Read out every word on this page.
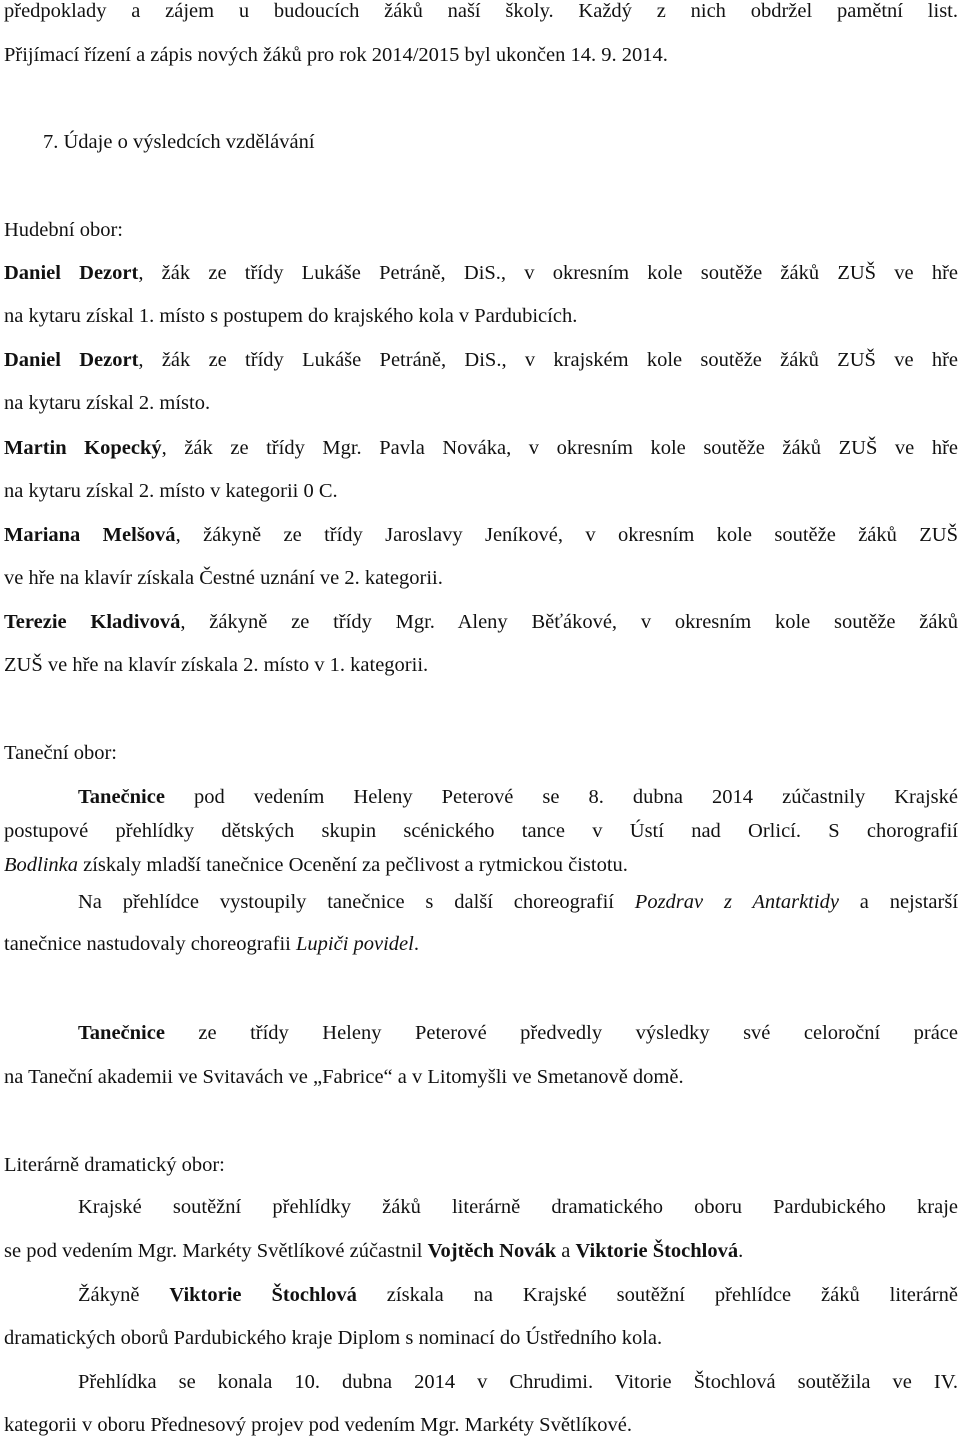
předpoklady a zájem u budoucích žáků naší školy. Každý z nich obdržel pamětní list.
Přijímací řízení a zápis nových žáků pro rok 2014/2015 byl ukončen 14. 9. 2014.
7. Údaje o výsledcích vzdělávání
Hudební obor:
Daniel Dezort, žák ze třídy Lukáše Petráně, DiS., v okresním kole soutěže žáků ZUŠ ve hře
na kytaru získal 1. místo s postupem do krajského kola v Pardubicích.
Daniel Dezort, žák ze třídy Lukáše Petráně, DiS., v krajském kole soutěže žáků ZUŠ ve hře
na kytaru získal 2. místo.
Martin Kopecký, žák ze třídy Mgr. Pavla Nováka, v okresním kole soutěže žáků ZUŠ ve hře
na kytaru získal 2. místo v kategorii 0 C.
Mariana Melšová, žákyně ze třídy Jaroslavy Jeníkové, v okresním kole soutěže žáků ZUŠ
ve hře na klavír získala Čestné uznání ve 2. kategorii.
Terezie Kladivová, žákyně ze třídy Mgr. Aleny Běťákové, v okresním kole soutěže žáků
ZUŠ ve hře na klavír získala 2. místo v 1. kategorii.
Taneční obor:
Tanečnice pod vedením Heleny Peterové se 8. dubna 2014 zúčastnily Krajské
postupové přehlídky dětských skupin scénického tance v Ústí nad Orlicí. S chorografií
Bodlinka získaly mladší tanečnice Ocenění za pečlivost a rytmickou čistotu.
Na přehlídce vystoupily tanečnice s další choreografií Pozdrav z Antarktidy a nejstarší
tanečnice nastudovaly choreografii Lupiči povidel.
Tanečnice ze třídy Heleny Peterové předvedly výsledky své celoroční práce
na Taneční akademii ve Svitavách ve „Fabrice“ a v Litomyšli ve Smetanově domě.
Literárně dramatický obor:
Krajské soutěžní přehlídky žáků literárně dramatického oboru Pardubického kraje
se pod vedením Mgr. Markéty Světlíkové zúčastnil Vojtěch Novák a Viktorie Štochlová.
Žákyně Viktorie Štochlová získala na Krajské soutěžní přehlídce žáků literárně
dramatických oborů Pardubického kraje Diplom s nominací do Ústředního kola.
Přehlídka se konala 10. dubna 2014 v Chrudimi. Vitorie Štochlová soutěžila ve IV.
kategorii v oboru Přednesový projev pod vedením Mgr. Markéty Světlíkové.
